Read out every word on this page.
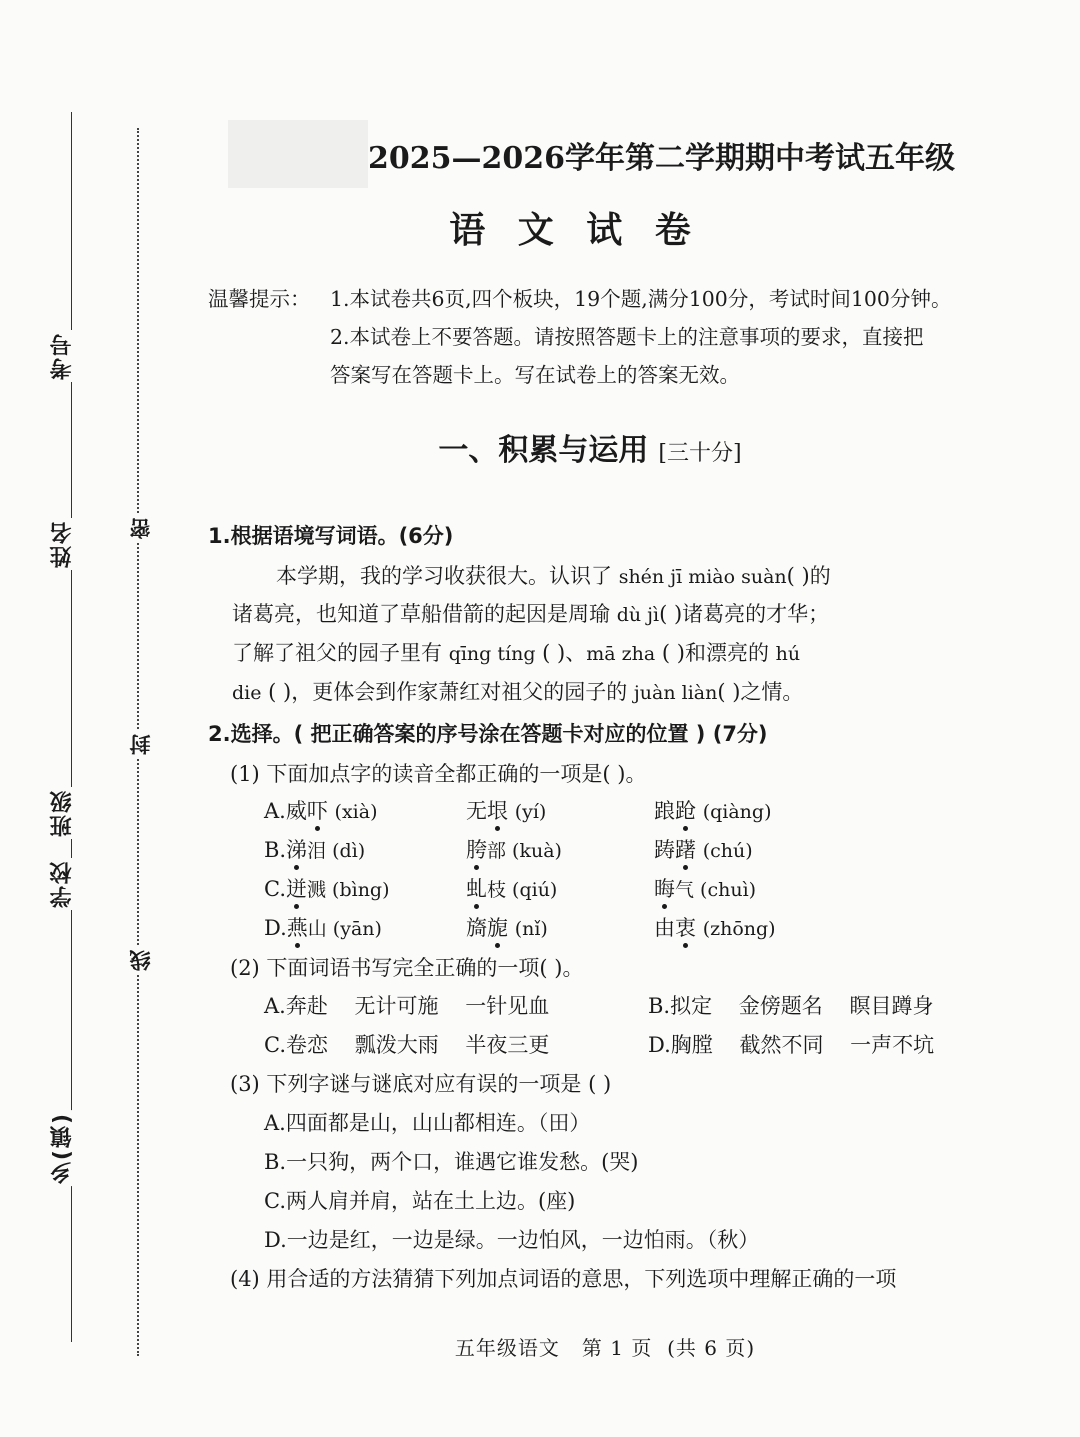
考号
姓名
班级
学校
乡(镇)
密
封
线
2025—2026学年第二学期期中考试五年级
语 文 试 卷
温馨提示： 1.本试卷共6页,四个板块，19个题,满分100分，考试时间100分钟。
2.本试卷上不要答题。请按照答题卡上的注意事项的要求，直接把
答案写在答题卡上。写在试卷上的答案无效。
一、积累与运用 [三十分]
1.根据语境写词语。(6分)
本学期，我的学习收获很大。认识了 shén jī miào suàn( )的
诸葛亮，也知道了草船借箭的起因是周瑜 dù jì( )诸葛亮的才华；
了解了祖父的园子里有 qīng tíng ( )、mā zha ( )和漂亮的 hú
die ( )，更体会到作家萧红对祖父的园子的 juàn liàn( )之情。
2.选择。( 把正确答案的序号涂在答题卡对应的位置 ) (7分)
(1) 下面加点字的读音全都正确的一项是( )。
A.威吓 (xià)	无垠 (yí)	踉跄 (qiàng)
B.涕泪 (dì)	胯部 (kuà)	踌躇 (chú)
C.迸溅 (bìng)	虬枝 (qiú)	晦气 (chuì)
D.燕山 (yān)	旖旎 (nǐ)	由衷 (zhōng)
(2) 下面词语书写完全正确的一项( )。
A.奔赴    无计可施    一针见血	B.拟定    金傍题名    瞑目蹲身
C.卷恋    瓢泼大雨    半夜三更	D.胸膛    截然不同    一声不坑
(3) 下列字谜与谜底对应有误的一项是 ( )
A.四面都是山，山山都相连。（田）
B.一只狗，两个口，谁遇它谁发愁。(哭)
C.两人肩并肩，站在土上边。(座)
D.一边是红，一边是绿。一边怕风，一边怕雨。（秋）
(4) 用合适的方法猜猜下列加点词语的意思，下列选项中理解正确的一项
五年级语文   第 1 页  (共 6 页)
